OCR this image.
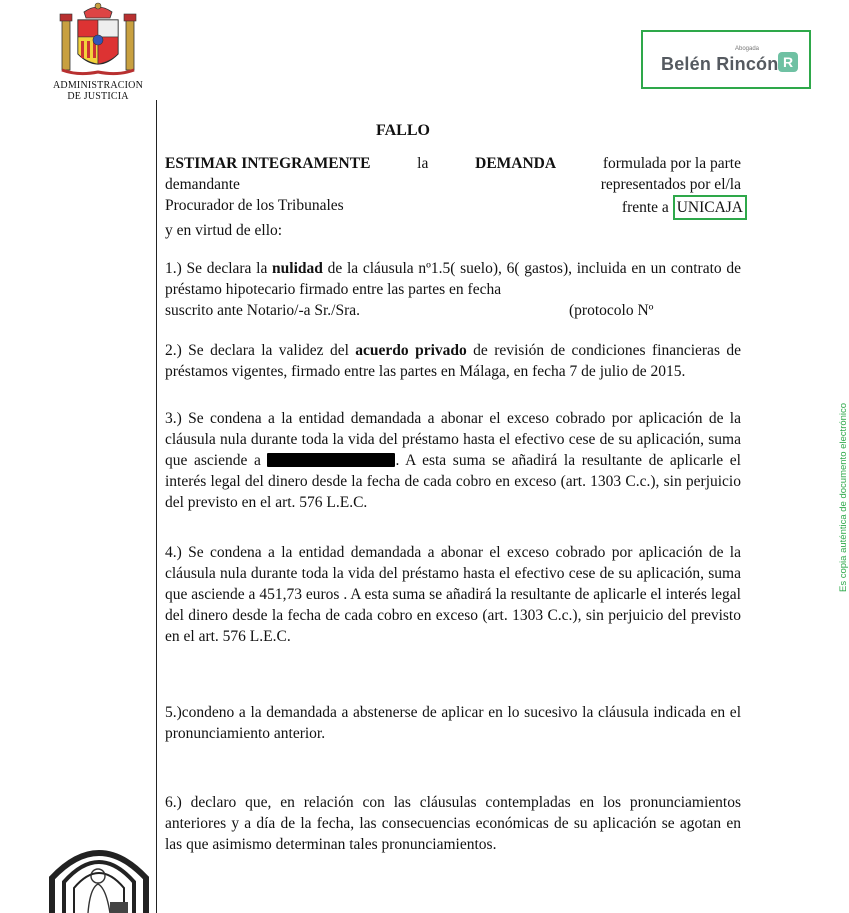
ADMINISTRACION
DE JUSTICIA
Abogada
Belén Rincón R
Es copia auténtica de documento electrónico
FALLO
ESTIMAR INTEGRAMENTE	la	DEMANDA	formulada por la parte
demandante	representados por el/la
Procurador de los Tribunales	frente a UNICAJA
y en virtud de ello:
1.) Se declara la nulidad de la cláusula nº1.5( suelo), 6( gastos), incluida en un contrato de préstamo hipotecario firmado entre las partes en fecha
suscrito ante Notario/-a Sr./Sra.	(protocolo Nº
2.) Se declara la validez del acuerdo privado de revisión de condiciones financieras de préstamos vigentes, firmado entre las partes en Málaga, en fecha 7 de julio de 2015.
3.) Se condena a la entidad demandada a abonar el exceso cobrado por aplicación de la cláusula nula durante toda la vida del préstamo hasta el efectivo cese de su aplicación, suma que asciende a	. A esta suma se añadirá la resultante de aplicarle el interés legal del dinero desde la fecha de cada cobro en exceso (art. 1303 C.c.), sin perjuicio del previsto en el art. 576 L.E.C.
4.) Se condena a la entidad demandada a abonar el exceso cobrado por aplicación de la cláusula nula durante toda la vida del préstamo hasta el efectivo cese de su aplicación, suma que asciende a 451,73 euros . A esta suma se añadirá la resultante de aplicarle el interés legal del dinero desde la fecha de cada cobro en exceso (art. 1303 C.c.), sin perjuicio del previsto en el art. 576 L.E.C.
5.)condeno a la demandada a abstenerse de aplicar en lo sucesivo la cláusula indicada en el pronunciamiento anterior.
6.) declaro que, en relación con las cláusulas contempladas en los pronunciamientos anteriores y a día de la fecha, las consecuencias económicas de su aplicación se agotan en las que asimismo determinan tales pronunciamientos.
